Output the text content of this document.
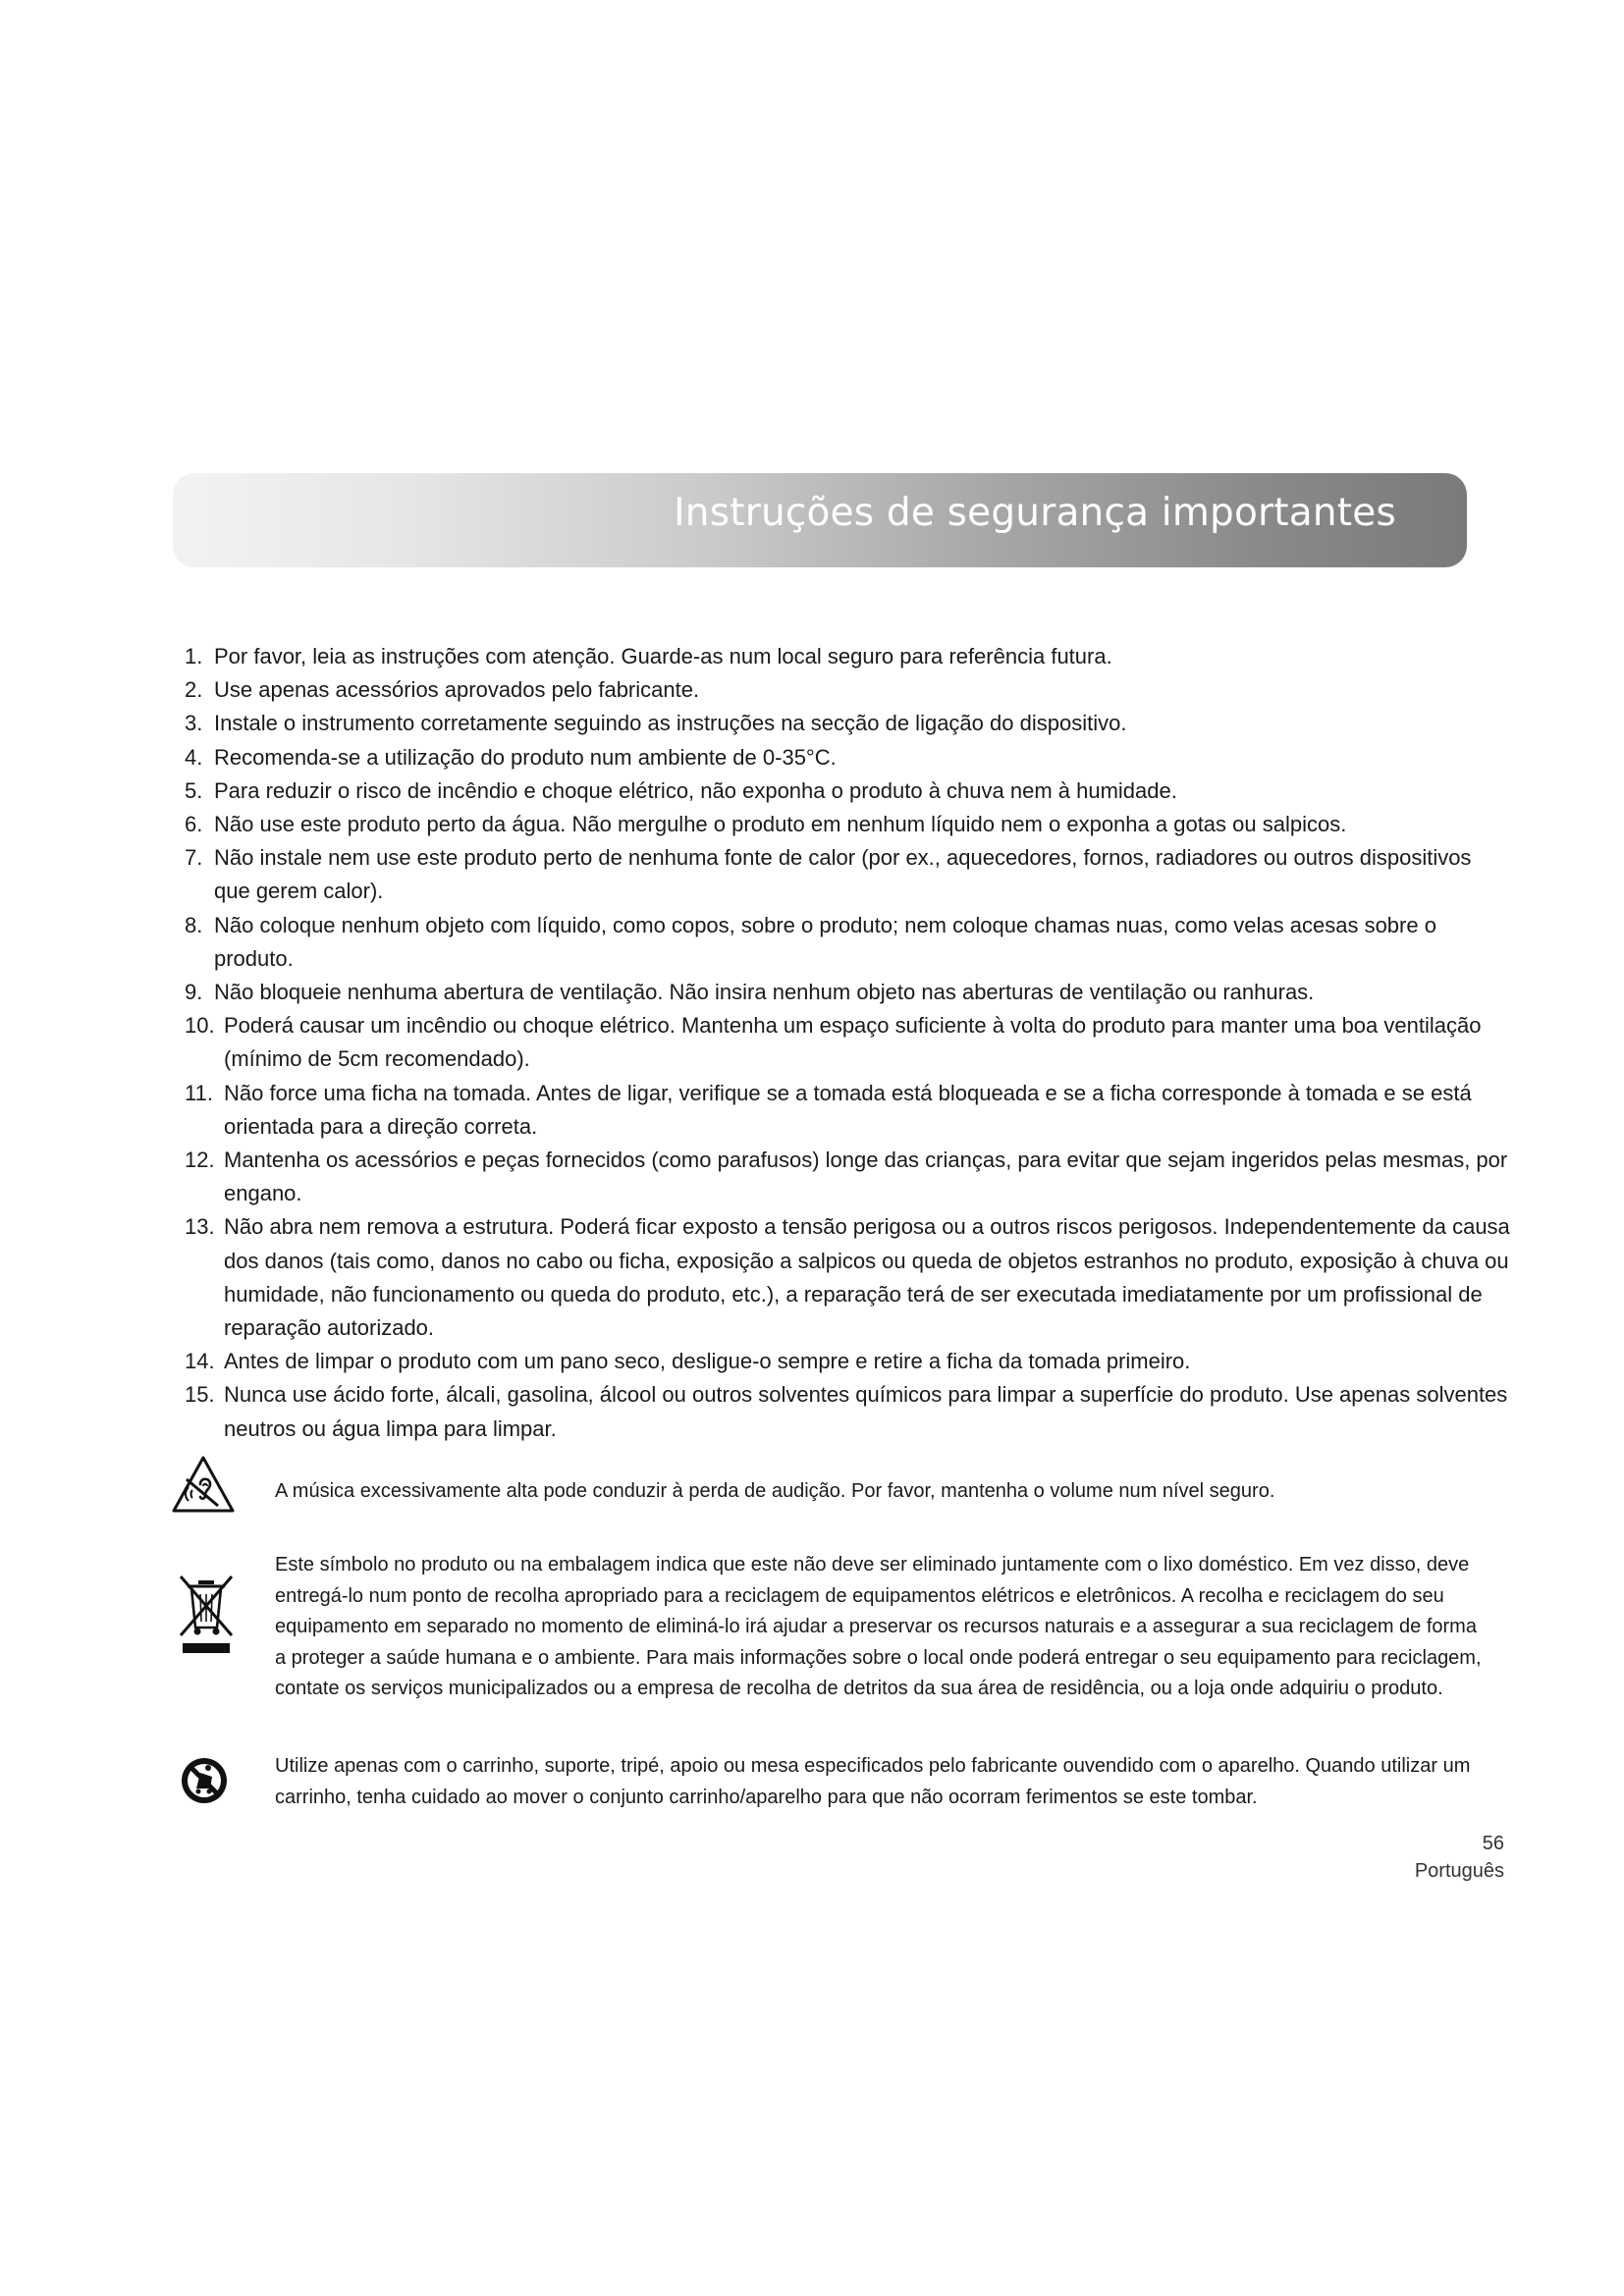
Instruções de segurança importantes
1. Por favor, leia as instruções com atenção. Guarde-as num local seguro para referência futura.
2. Use apenas acessórios aprovados pelo fabricante.
3. Instale o instrumento corretamente seguindo as instruções na secção de ligação do dispositivo.
4. Recomenda-se a utilização do produto num ambiente de 0-35°C.
5. Para reduzir o risco de incêndio e choque elétrico, não exponha o produto à chuva nem à humidade.
6. Não use este produto perto da água. Não mergulhe o produto em nenhum líquido nem o exponha a gotas ou salpicos.
7. Não instale nem use este produto perto de nenhuma fonte de calor (por ex., aquecedores, fornos, radiadores ou outros dispositivos que gerem calor).
8. Não coloque nenhum objeto com líquido, como copos, sobre o produto; nem coloque chamas nuas, como velas acesas sobre o produto.
9. Não bloqueie nenhuma abertura de ventilação. Não insira nenhum objeto nas aberturas de ventilação ou ranhuras.
10. Poderá causar um incêndio ou choque elétrico. Mantenha um espaço suficiente à volta do produto para manter uma boa ventilação (mínimo de 5cm recomendado).
11. Não force uma ficha na tomada. Antes de ligar, verifique se a tomada está bloqueada e se a ficha corresponde à tomada e se está orientada para a direção correta.
12. Mantenha os acessórios e peças fornecidos (como parafusos) longe das crianças, para evitar que sejam ingeridos pelas mesmas, por engano.
13. Não abra nem remova a estrutura. Poderá ficar exposto a tensão perigosa ou a outros riscos perigosos. Independentemente da causa dos danos (tais como, danos no cabo ou ficha, exposição a salpicos ou queda de objetos estranhos no produto, exposição à chuva ou humidade, não funcionamento ou queda do produto, etc.), a reparação terá de ser executada imediatamente por um profissional de reparação autorizado.
14. Antes de limpar o produto com um pano seco, desligue-o sempre e retire a ficha da tomada primeiro.
15. Nunca use ácido forte, álcali, gasolina, álcool ou outros solventes químicos para limpar a superfície do produto. Use apenas solventes neutros ou água limpa para limpar.
A música excessivamente alta pode conduzir à perda de audição. Por favor, mantenha o volume num nível seguro.
Este símbolo no produto ou na embalagem indica que este não deve ser eliminado juntamente com o lixo doméstico. Em vez disso, deve entregá-lo num ponto de recolha apropriado para a reciclagem de equipamentos elétricos e eletrônicos. A recolha e reciclagem do seu equipamento em separado no momento de eliminá-lo irá ajudar a preservar os recursos naturais e a assegurar a sua reciclagem de forma a proteger a saúde humana e o ambiente. Para mais informações sobre o local onde poderá entregar o seu equipamento para reciclagem, contate os serviços municipalizados ou a empresa de recolha de detritos da sua área de residência, ou a loja onde adquiriu o produto.
Utilize apenas com o carrinho, suporte, tripé, apoio ou mesa especificados pelo fabricante ouvendido com o aparelho. Quando utilizar um carrinho, tenha cuidado ao mover o conjunto carrinho/aparelho para que não ocorram ferimentos se este tombar.
56
Português
